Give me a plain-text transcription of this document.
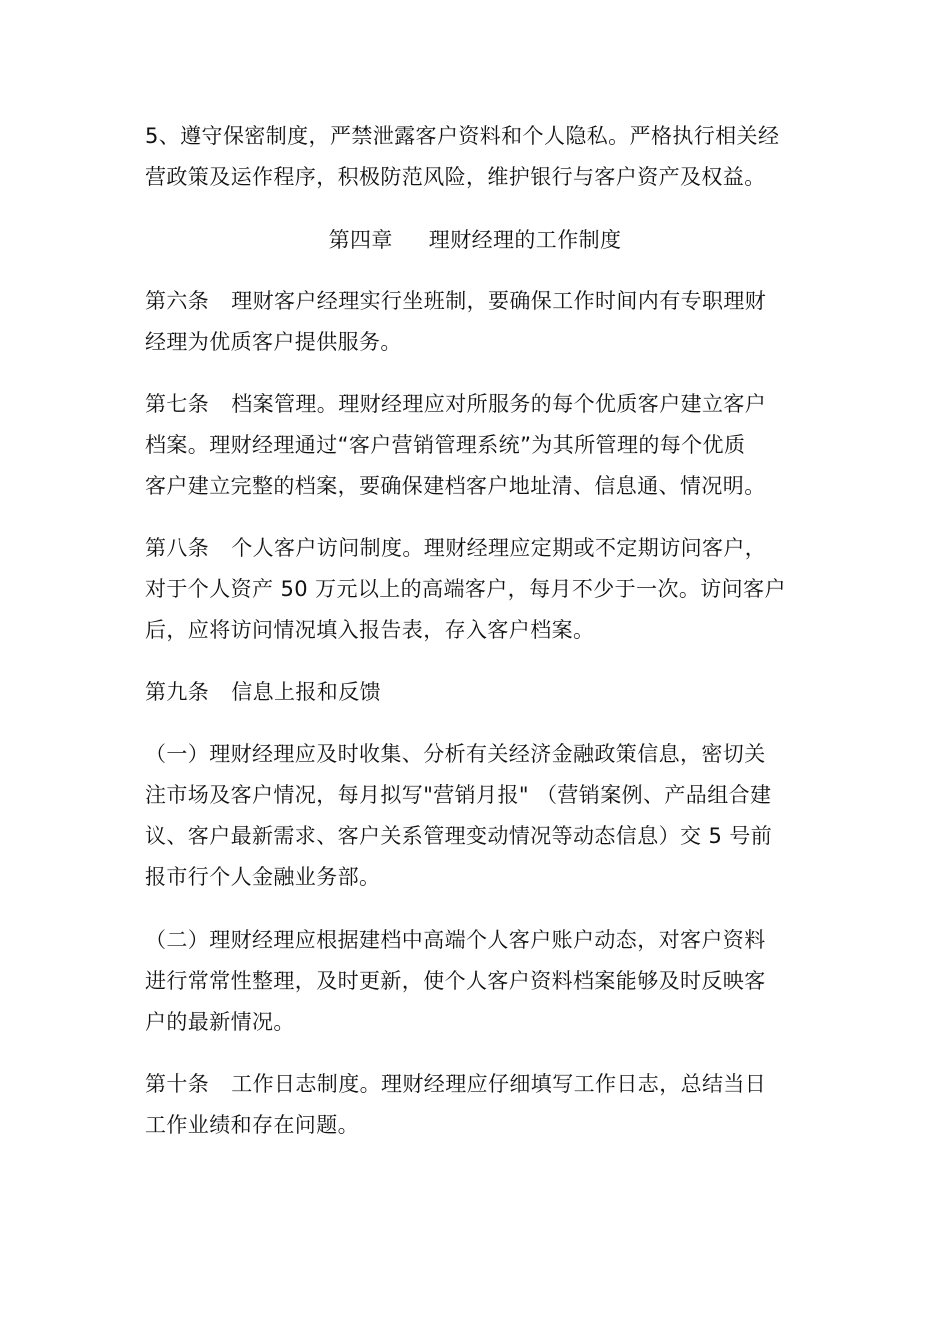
5、遵守保密制度，严禁泄露客户资料和个人隐私。严格执行相关经
营政策及运作程序，积极防范风险，维护银行与客户资产及权益。
第四章 理财经理的工作制度
第六条 理财客户经理实行坐班制，要确保工作时间内有专职理财
经理为优质客户提供服务。
第七条 档案管理。理财经理应对所服务的每个优质客户建立客户
档案。理财经理通过“客户营销管理系统”为其所管理的每个优质
客户建立完整的档案，要确保建档客户地址清、信息通、情况明。
第八条 个人客户访问制度。理财经理应定期或不定期访问客户，
对于个人资产 50 万元以上的高端客户，每月不少于一次。访问客户
后，应将访问情况填入报告表，存入客户档案。
第九条 信息上报和反馈
（一）理财经理应及时收集、分析有关经济金融政策信息，密切关
注市场及客户情况，每月拟写"营销月报" （营销案例、产品组合建
议、客户最新需求、客户关系管理变动情况等动态信息）交 5 号前
报市行个人金融业务部。
（二）理财经理应根据建档中高端个人客户账户动态，对客户资料
进行常常性整理，及时更新，使个人客户资料档案能够及时反映客
户的最新情况。
第十条 工作日志制度。理财经理应仔细填写工作日志，总结当日
工作业绩和存在问题。
